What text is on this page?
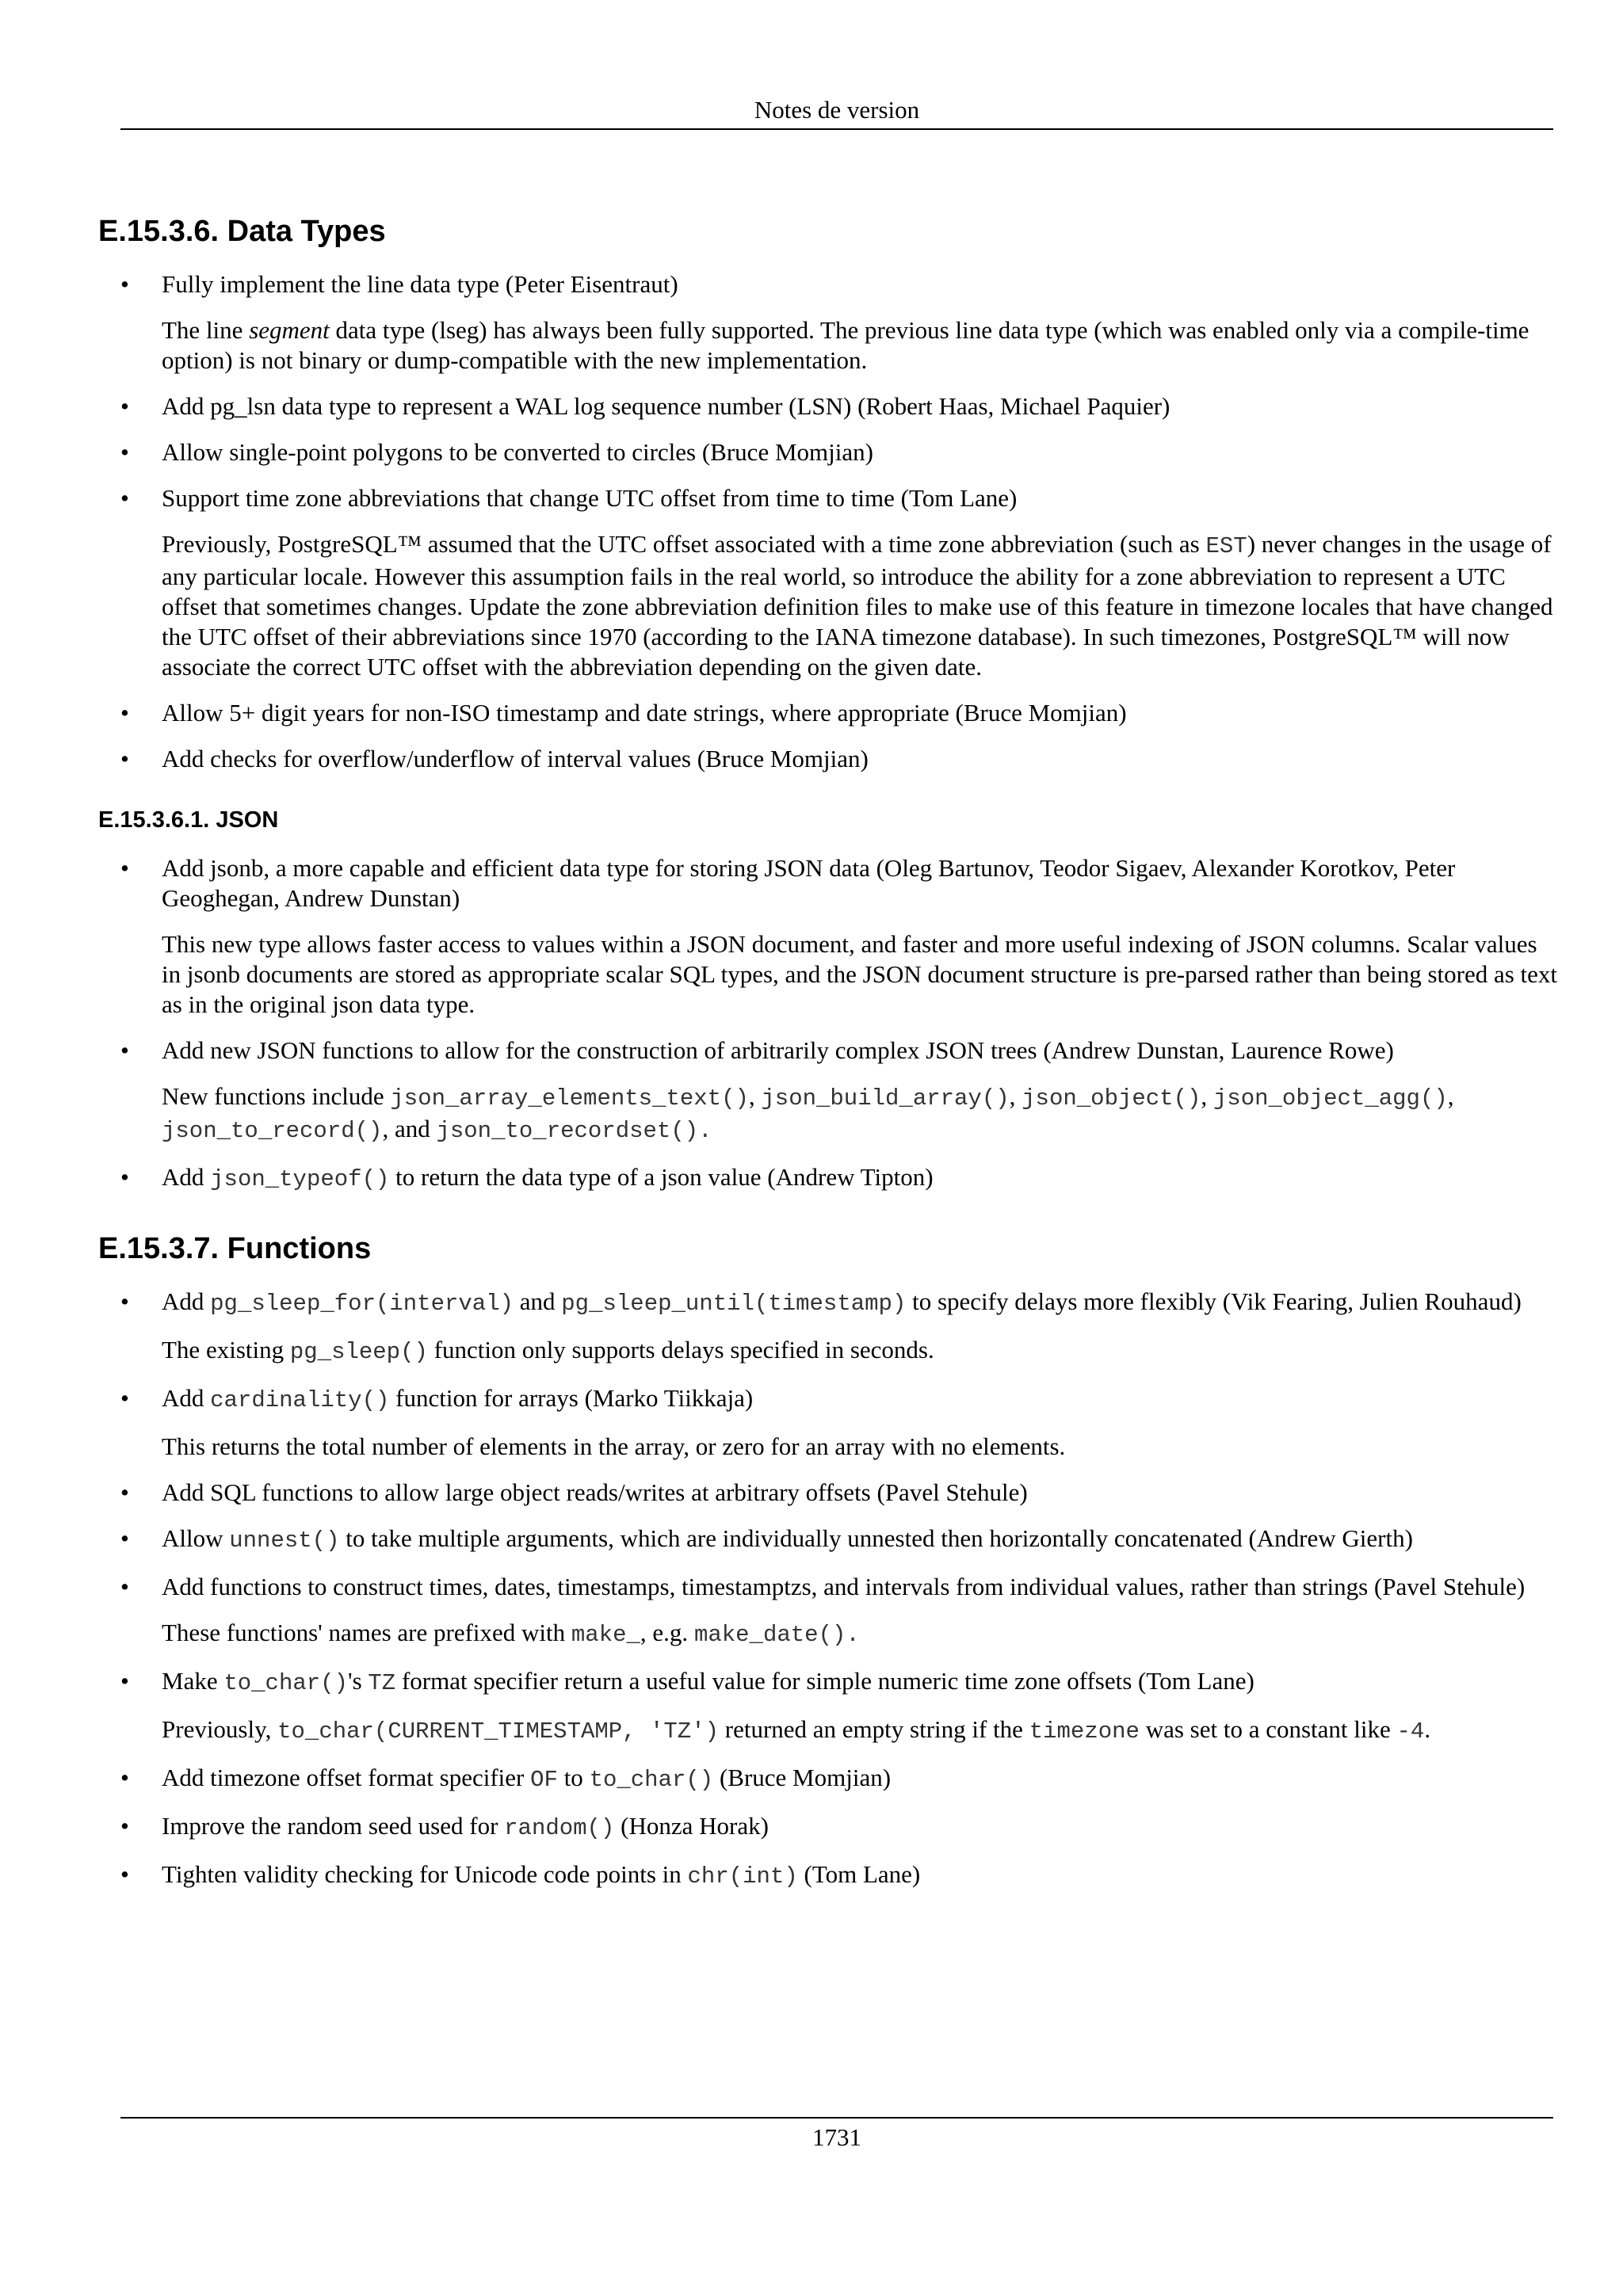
Notes de version
E.15.3.6. Data Types
• Fully implement the line data type (Peter Eisentraut)

The line segment data type (lseg) has always been fully supported. The previous line data type (which was enabled only via a compile-time option) is not binary or dump-compatible with the new implementation.

• Add pg_lsn data type to represent a WAL log sequence number (LSN) (Robert Haas, Michael Paquier)

• Allow single-point polygons to be converted to circles (Bruce Momjian)

• Support time zone abbreviations that change UTC offset from time to time (Tom Lane)

Previously, PostgreSQL™ assumed that the UTC offset associated with a time zone abbreviation (such as EST) never changes in the usage of any particular locale. However this assumption fails in the real world, so introduce the ability for a zone abbreviation to represent a UTC offset that sometimes changes. Update the zone abbreviation definition files to make use of this feature in timezone locales that have changed the UTC offset of their abbreviations since 1970 (according to the IANA timezone database). In such timezones, PostgreSQL™ will now associate the correct UTC offset with the abbreviation depending on the given date.

• Allow 5+ digit years for non-ISO timestamp and date strings, where appropriate (Bruce Momjian)

• Add checks for overflow/underflow of interval values (Bruce Momjian)

E.15.3.6.1. JSON
• Add jsonb, a more capable and efficient data type for storing JSON data (Oleg Bartunov, Teodor Sigaev, Alexander Korotkov, Peter Geoghegan, Andrew Dunstan)

This new type allows faster access to values within a JSON document, and faster and more useful indexing of JSON columns. Scalar values in jsonb documents are stored as appropriate scalar SQL types, and the JSON document structure is pre-parsed rather than being stored as text as in the original json data type.

• Add new JSON functions to allow for the construction of arbitrarily complex JSON trees (Andrew Dunstan, Laurence Rowe)

New functions include json_array_elements_text(), json_build_array(), json_object(), json_object_agg(), json_to_record(), and json_to_recordset().

• Add json_typeof() to return the data type of a json value (Andrew Tipton)

E.15.3.7. Functions
• Add pg_sleep_for(interval) and pg_sleep_until(timestamp) to specify delays more flexibly (Vik Fearing, Julien Rouhaud)

The existing pg_sleep() function only supports delays specified in seconds.

• Add cardinality() function for arrays (Marko Tiikkaja)

This returns the total number of elements in the array, or zero for an array with no elements.

• Add SQL functions to allow large object reads/writes at arbitrary offsets (Pavel Stehule)

• Allow unnest() to take multiple arguments, which are individually unnested then horizontally concatenated (Andrew Gierth)

• Add functions to construct times, dates, timestamps, timestamptzs, and intervals from individual values, rather than strings (Pavel Stehule)

These functions' names are prefixed with make_, e.g. make_date().

• Make to_char()'s TZ format specifier return a useful value for simple numeric time zone offsets (Tom Lane)

Previously, to_char(CURRENT_TIMESTAMP, 'TZ') returned an empty string if the timezone was set to a constant like -4.

• Add timezone offset format specifier OF to to_char() (Bruce Momjian)

• Improve the random seed used for random() (Honza Horak)

• Tighten validity checking for Unicode code points in chr(int) (Tom Lane)

1731
